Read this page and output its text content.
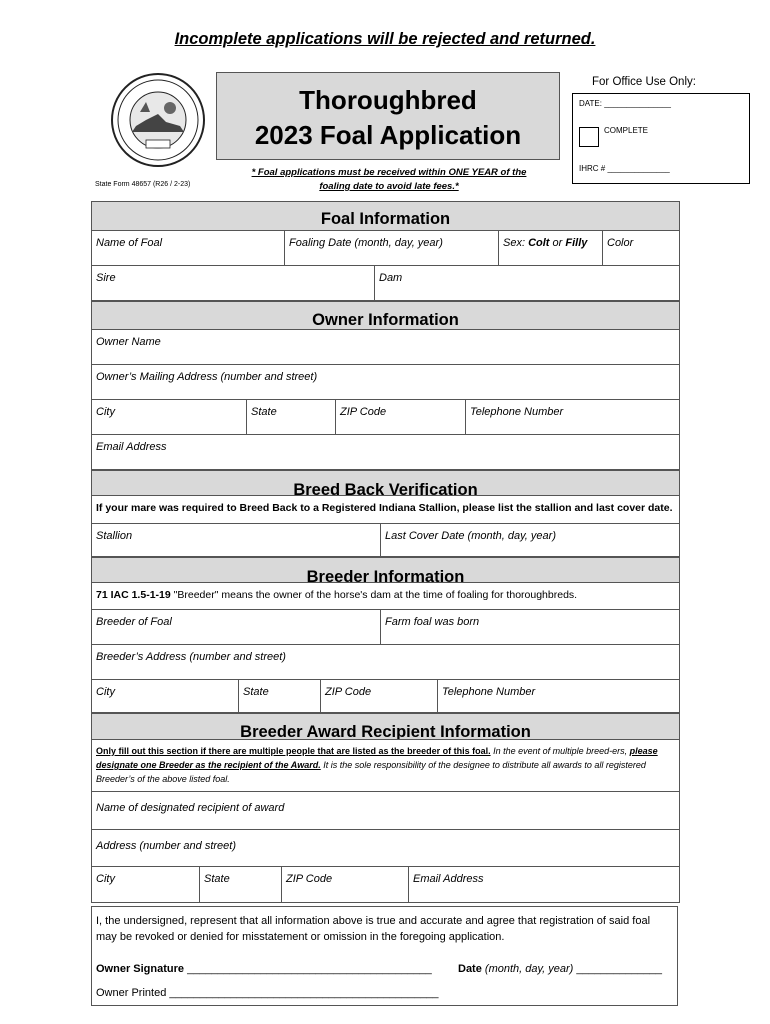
Incomplete applications will be rejected and returned.
State Form 48657 (R26 / 2-23)
Thoroughbred
2023 Foal Application
* Foal applications must be received within ONE YEAR of the
foaling date to avoid late fees.*
For Office Use Only:
DATE: _______________
COMPLETE
IHRC # ______________
Foal Information
Name of Foal	Foaling Date (month, day, year)	Sex: Colt or Filly	Color
Sire	Dam
Owner Information
Owner Name
Owner’s Mailing Address (number and street)
City	State	ZIP Code	Telephone Number
Email Address
Breed Back Verification
If your mare was required to Breed Back to a Registered Indiana Stallion, please list the stallion and last cover date.
Stallion	Last Cover Date (month, day, year)
Breeder Information
71 IAC 1.5-1-19 "Breeder" means the owner of the horse's dam at the time of foaling for thoroughbreds.
Breeder of Foal	Farm foal was born
Breeder’s Address (number and street)
City	State	ZIP Code	Telephone Number
Breeder Award Recipient Information
Only fill out this section if there are multiple people that are listed as the breeder of this foal. In the event of multiple breed-ers, please designate one Breeder as the recipient of the Award. It is the sole responsibility of the designee to distribute all awards to all registered Breeder’s of the above listed foal.
Name of designated recipient of award
Address (number and street)
City	State	ZIP Code	Email Address
I, the undersigned, represent that all information above is true and accurate and agree that registration of said foal may be revoked or denied for misstatement or omission in the foregoing application.
Owner Signature ________________________________________ Date (month, day, year) ______________
Owner Printed ____________________________________________
